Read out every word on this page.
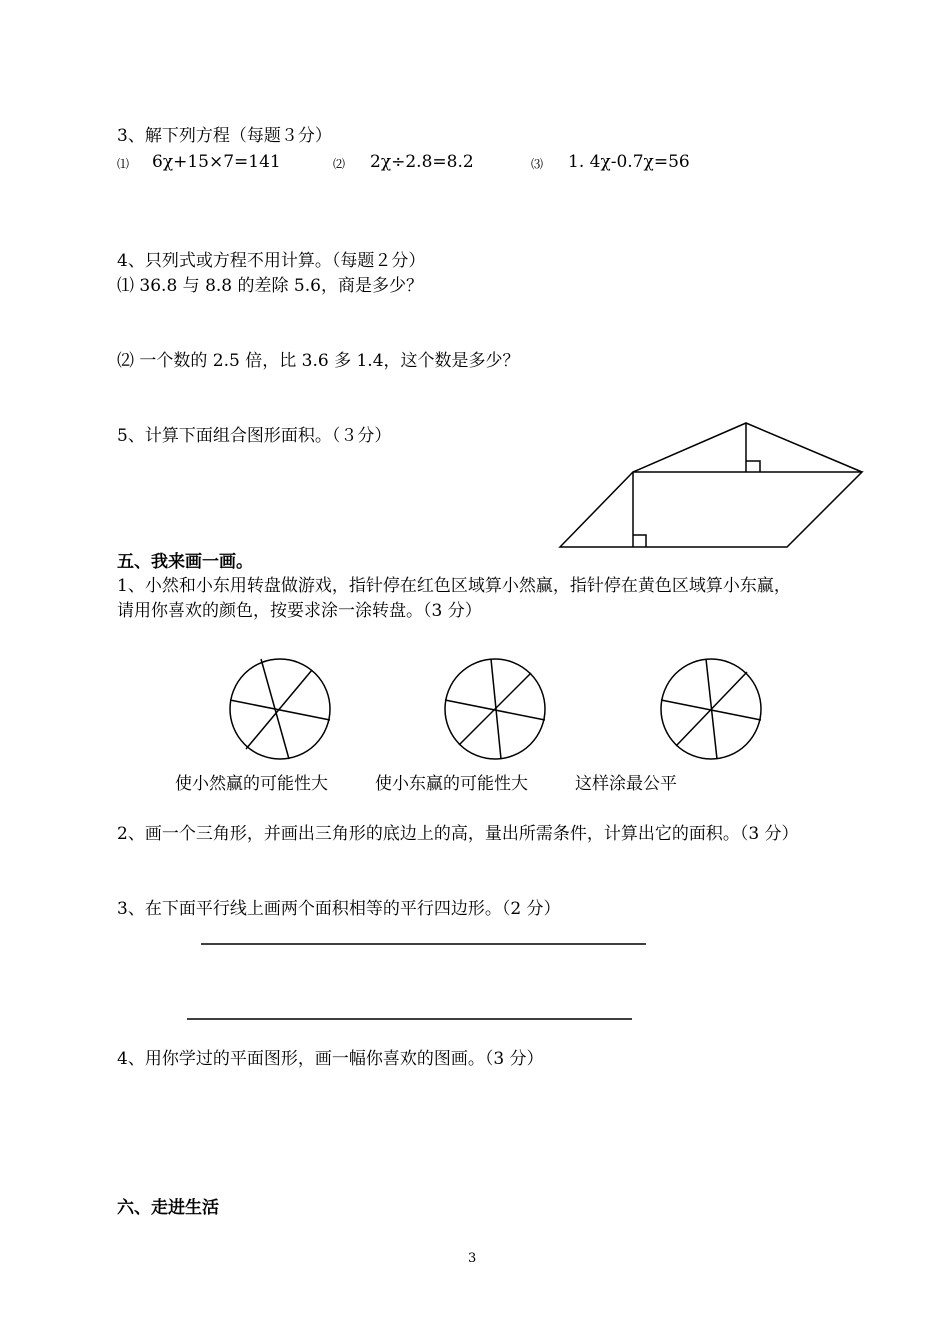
3、解下列方程（每题３分）
⑴ 6χ+15×7=141	⑵ 2χ÷2.8=8.2	⑶ 1. 4χ-0.7χ=56
4、只列式或方程不用计算。（每题２分）
⑴ 36.8 与 8.8 的差除 5.6，商是多少？
⑵ 一个数的 2.5 倍，比 3.6 多 1.4，这个数是多少？
5、计算下面组合图形面积。（３分）
五、我来画一画。
1、小然和小东用转盘做游戏，指针停在红色区域算小然赢，指针停在黄色区域算小东赢，
请用你喜欢的颜色，按要求涂一涂转盘。（3 分）
使小然赢的可能性大	使小东赢的可能性大	这样涂最公平
2、画一个三角形，并画出三角形的底边上的高，量出所需条件，计算出它的面积。（3 分）
3、在下面平行线上画两个面积相等的平行四边形。（2 分）
4、用你学过的平面图形，画一幅你喜欢的图画。（3 分）
六、走进生活
3
